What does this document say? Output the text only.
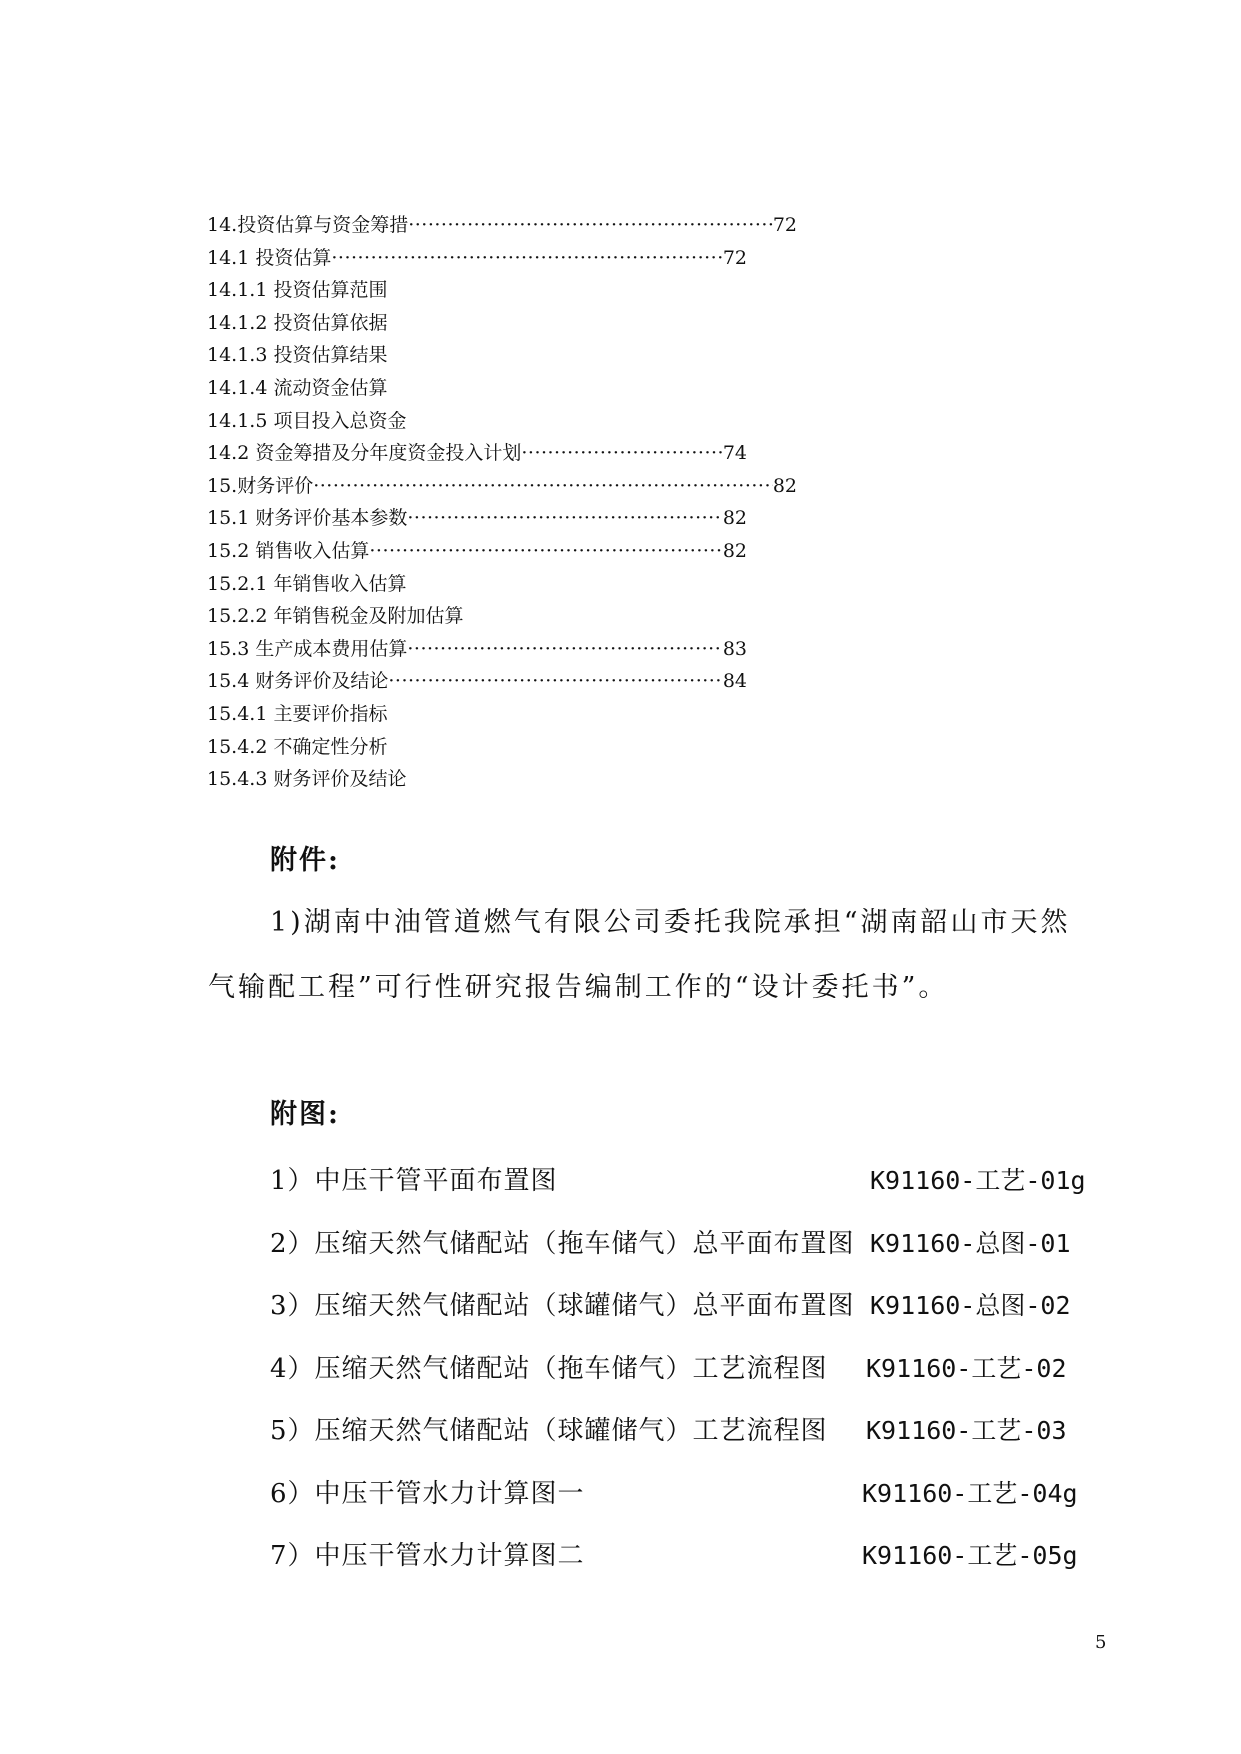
14.投资估算与资金筹措 ·····	72
14.1 投资估算 ·····	72
14.1.1 投资估算范围
14.1.2 投资估算依据
14.1.3 投资估算结果
14.1.4 流动资金估算
14.1.5 项目投入总资金
14.2 资金筹措及分年度资金投入计划 ·····	74
15.财务评价 ·····	82
15.1 财务评价基本参数 ·····	82
15.2 销售收入估算 ·····	82
15.2.1 年销售收入估算
15.2.2 年销售税金及附加估算
15.3 生产成本费用估算 ·····	83
15.4 财务评价及结论 ·····	84
15.4.1 主要评价指标
15.4.2 不确定性分析
15.4.3 财务评价及结论
附件:
1)湖南中油管道燃气有限公司委托我院承担“湖南韶山市天然
气输配工程”可行性研究报告编制工作的“设计委托书”。
附图:
1）中压干管平面布置图	K91160-工艺-01g
2）压缩天然气储配站（拖车储气）总平面布置图 K91160-总图-01
3）压缩天然气储配站（球罐储气）总平面布置图 K91160-总图-02
4）压缩天然气储配站（拖车储气）工艺流程图 K91160-工艺-02
5）压缩天然气储配站（球罐储气）工艺流程图 K91160-工艺-03
6）中压干管水力计算图一	K91160-工艺-04g
7）中压干管水力计算图二	K91160-工艺-05g
5
